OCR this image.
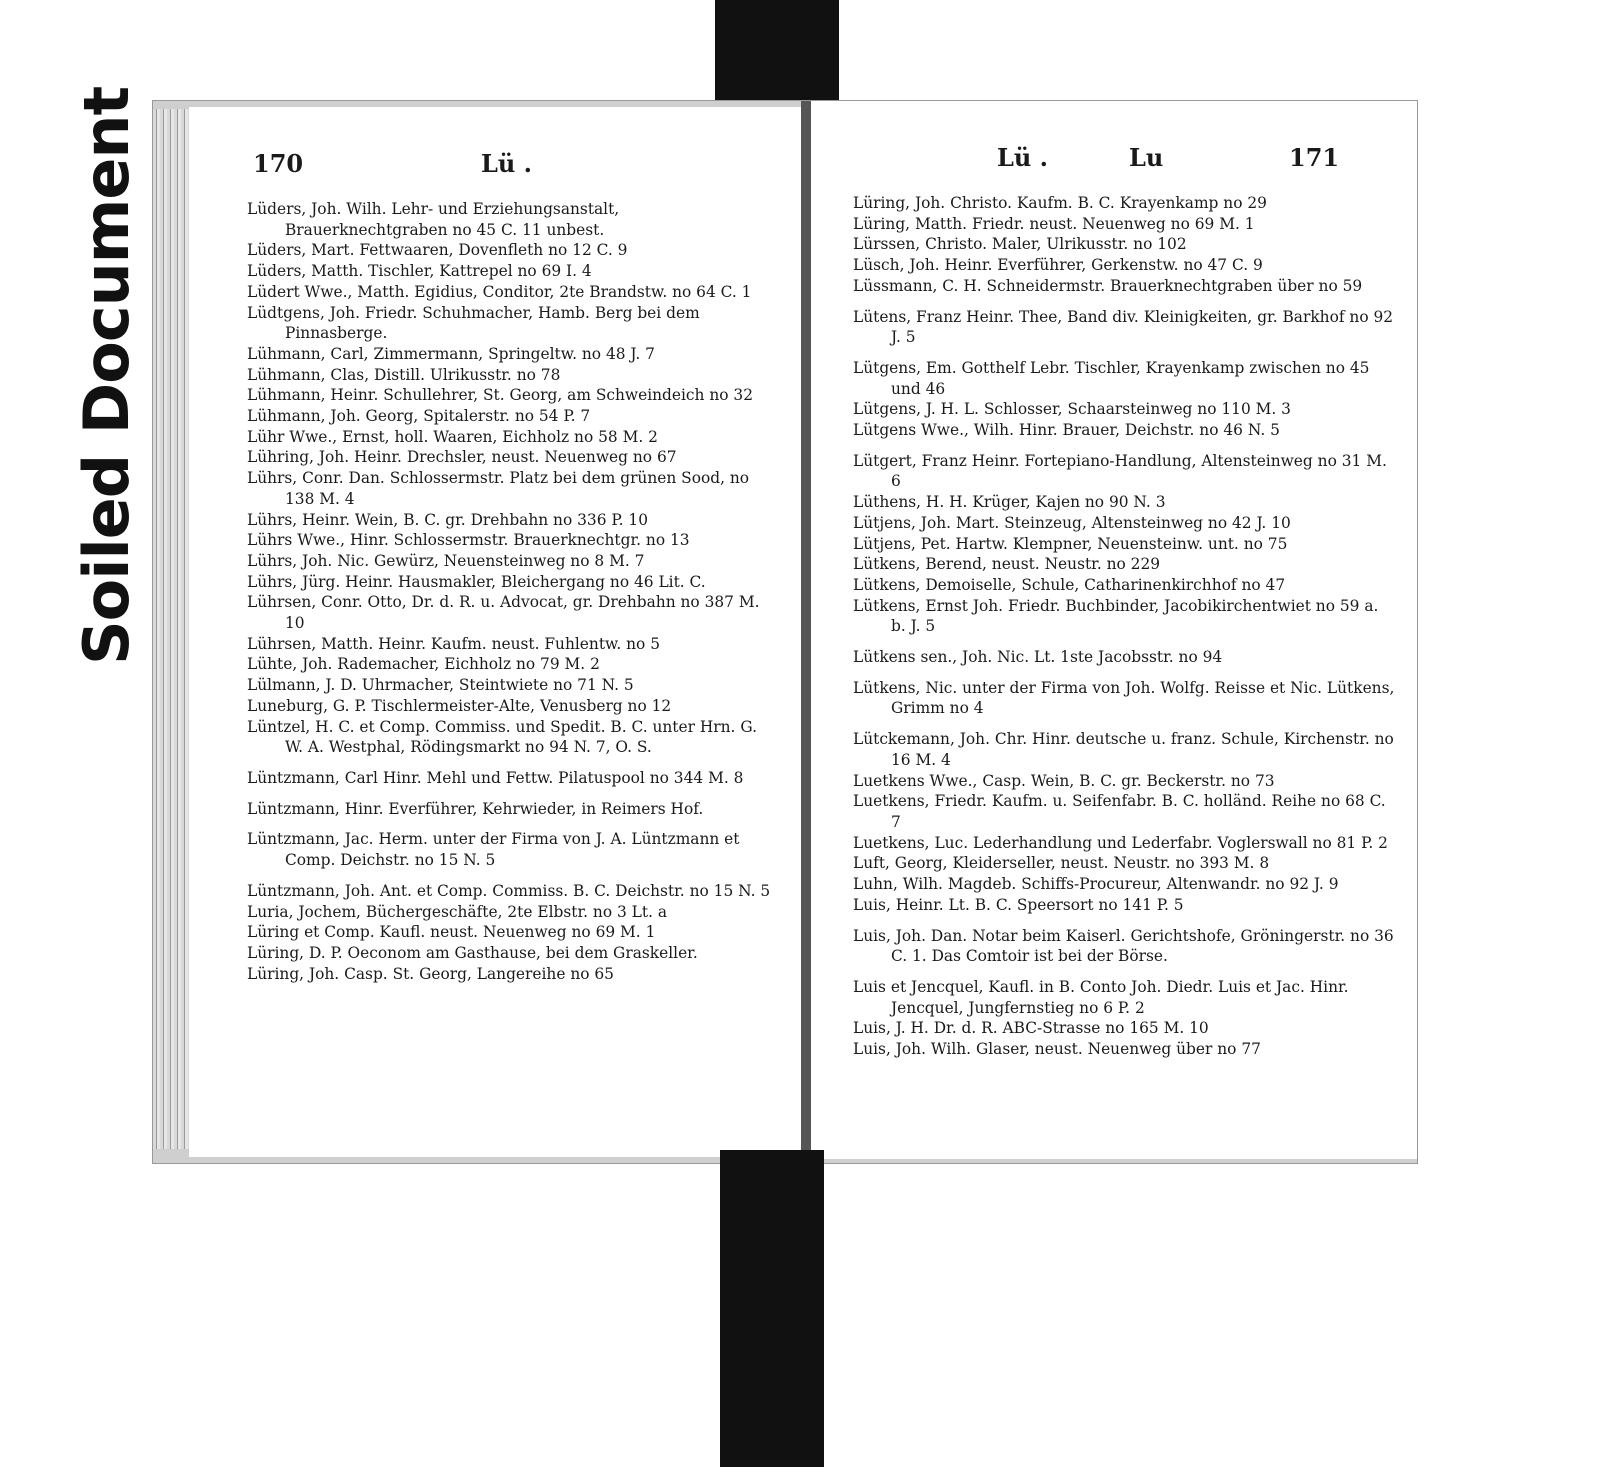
Soiled Document	170	Lü .

Lüders, Joh. Wilh. Lehr- und Erziehungsanstalt, Brauerknechtgraben no 45 C. 11 unbest.

Lüders, Mart. Fettwaaren, Dovenfleth no 12 C. 9

Lüders, Matth. Tischler, Kattrepel no 69 I. 4

Lüdert Wwe., Matth. Egidius, Conditor, 2te Brandstw. no 64 C. 1

Lüdtgens, Joh. Friedr. Schuhmacher, Hamb. Berg bei dem Pinnasberge.

Lühmann, Carl, Zimmermann, Springeltw. no 48 J. 7

Lühmann, Clas, Distill. Ulrikusstr. no 78

Lühmann, Heinr. Schullehrer, St. Georg, am Schweindeich no 32

Lühmann, Joh. Georg, Spitalerstr. no 54 P. 7

Lühr Wwe., Ernst, holl. Waaren, Eichholz no 58 M. 2

Lühring, Joh. Heinr. Drechsler, neust. Neuenweg no 67

Lührs, Conr. Dan. Schlossermstr. Platz bei dem grünen Sood, no 138 M. 4

Lührs, Heinr. Wein, B. C. gr. Drehbahn no 336 P. 10

Lührs Wwe., Hinr. Schlossermstr. Brauerknechtgr. no 13

Lührs, Joh. Nic. Gewürz, Neuensteinweg no 8 M. 7

Lührs, Jürg. Heinr. Hausmakler, Bleichergang no 46 Lit. C.

Lührsen, Conr. Otto, Dr. d. R. u. Advocat, gr. Drehbahn no 387 M. 10

Lührsen, Matth. Heinr. Kaufm. neust. Fuhlentw. no 5

Lühte, Joh. Rademacher, Eichholz no 79 M. 2

Lülmann, J. D. Uhrmacher, Steintwiete no 71 N. 5

Luneburg, G. P. Tischlermeister-Alte, Venusberg no 12

Lüntzel, H. C. et Comp. Commiss. und Spedit. B. C. unter Hrn. G. W. A. Westphal, Rödingsmarkt no 94 N. 7, O. S.

Lüntzmann, Carl Hinr. Mehl und Fettw. Pilatuspool no 344 M. 8

Lüntzmann, Hinr. Everführer, Kehrwieder, in Reimers Hof.

Lüntzmann, Jac. Herm. unter der Firma von J. A. Lüntzmann et Comp. Deichstr. no 15 N. 5

Lüntzmann, Joh. Ant. et Comp. Commiss. B. C. Deichstr. no 15 N. 5

Luria, Jochem, Büchergeschäfte, 2te Elbstr. no 3 Lt. a

Lüring et Comp. Kaufl. neust. Neuenweg no 69 M. 1

Lüring, D. P. Oeconom am Gasthause, bei dem Graskeller.

Lüring, Joh. Casp. St. Georg, Langereihe no 65

Lü .	Lu	171

Lüring, Joh. Christo. Kaufm. B. C. Krayenkamp no 29

Lüring, Matth. Friedr. neust. Neuenweg no 69 M. 1

Lürssen, Christo. Maler, Ulrikusstr. no 102

Lüsch, Joh. Heinr. Everführer, Gerkenstw. no 47 C. 9

Lüssmann, C. H. Schneidermstr. Brauerknechtgraben über no 59

Lütens, Franz Heinr. Thee, Band div. Kleinigkeiten, gr. Barkhof no 92 J. 5

Lütgens, Em. Gotthelf Lebr. Tischler, Krayenkamp zwischen no 45 und 46

Lütgens, J. H. L. Schlosser, Schaarsteinweg no 110 M. 3

Lütgens Wwe., Wilh. Hinr. Brauer, Deichstr. no 46 N. 5

Lütgert, Franz Heinr. Fortepiano-Handlung, Altensteinweg no 31 M. 6

Lüthens, H. H. Krüger, Kajen no 90 N. 3

Lütjens, Joh. Mart. Steinzeug, Altensteinweg no 42 J. 10

Lütjens, Pet. Hartw. Klempner, Neuensteinw. unt. no 75

Lütkens, Berend, neust. Neustr. no 229

Lütkens, Demoiselle, Schule, Catharinenkirchhof no 47

Lütkens, Ernst Joh. Friedr. Buchbinder, Jacobikirchentwiet no 59 a. b. J. 5

Lütkens sen., Joh. Nic. Lt. 1ste Jacobsstr. no 94

Lütkens, Nic. unter der Firma von Joh. Wolfg. Reisse et Nic. Lütkens, Grimm no 4

Lütckemann, Joh. Chr. Hinr. deutsche u. franz. Schule, Kirchenstr. no 16 M. 4

Luetkens Wwe., Casp. Wein, B. C. gr. Beckerstr. no 73

Luetkens, Friedr. Kaufm. u. Seifenfabr. B. C. holländ. Reihe no 68 C. 7

Luetkens, Luc. Lederhandlung und Lederfabr. Voglerswall no 81 P. 2

Luft, Georg, Kleiderseller, neust. Neustr. no 393 M. 8

Luhn, Wilh. Magdeb. Schiffs-Procureur, Altenwandr. no 92 J. 9

Luis, Heinr. Lt. B. C. Speersort no 141 P. 5

Luis, Joh. Dan. Notar beim Kaiserl. Gerichtshofe, Gröningerstr. no 36 C. 1. Das Comtoir ist bei der Börse.

Luis et Jencquel, Kaufl. in B. Conto Joh. Diedr. Luis et Jac. Hinr. Jencquel, Jungfernstieg no 6 P. 2

Luis, J. H. Dr. d. R. ABC-Strasse no 165 M. 10

Luis, Joh. Wilh. Glaser, neust. Neuenweg über no 77
